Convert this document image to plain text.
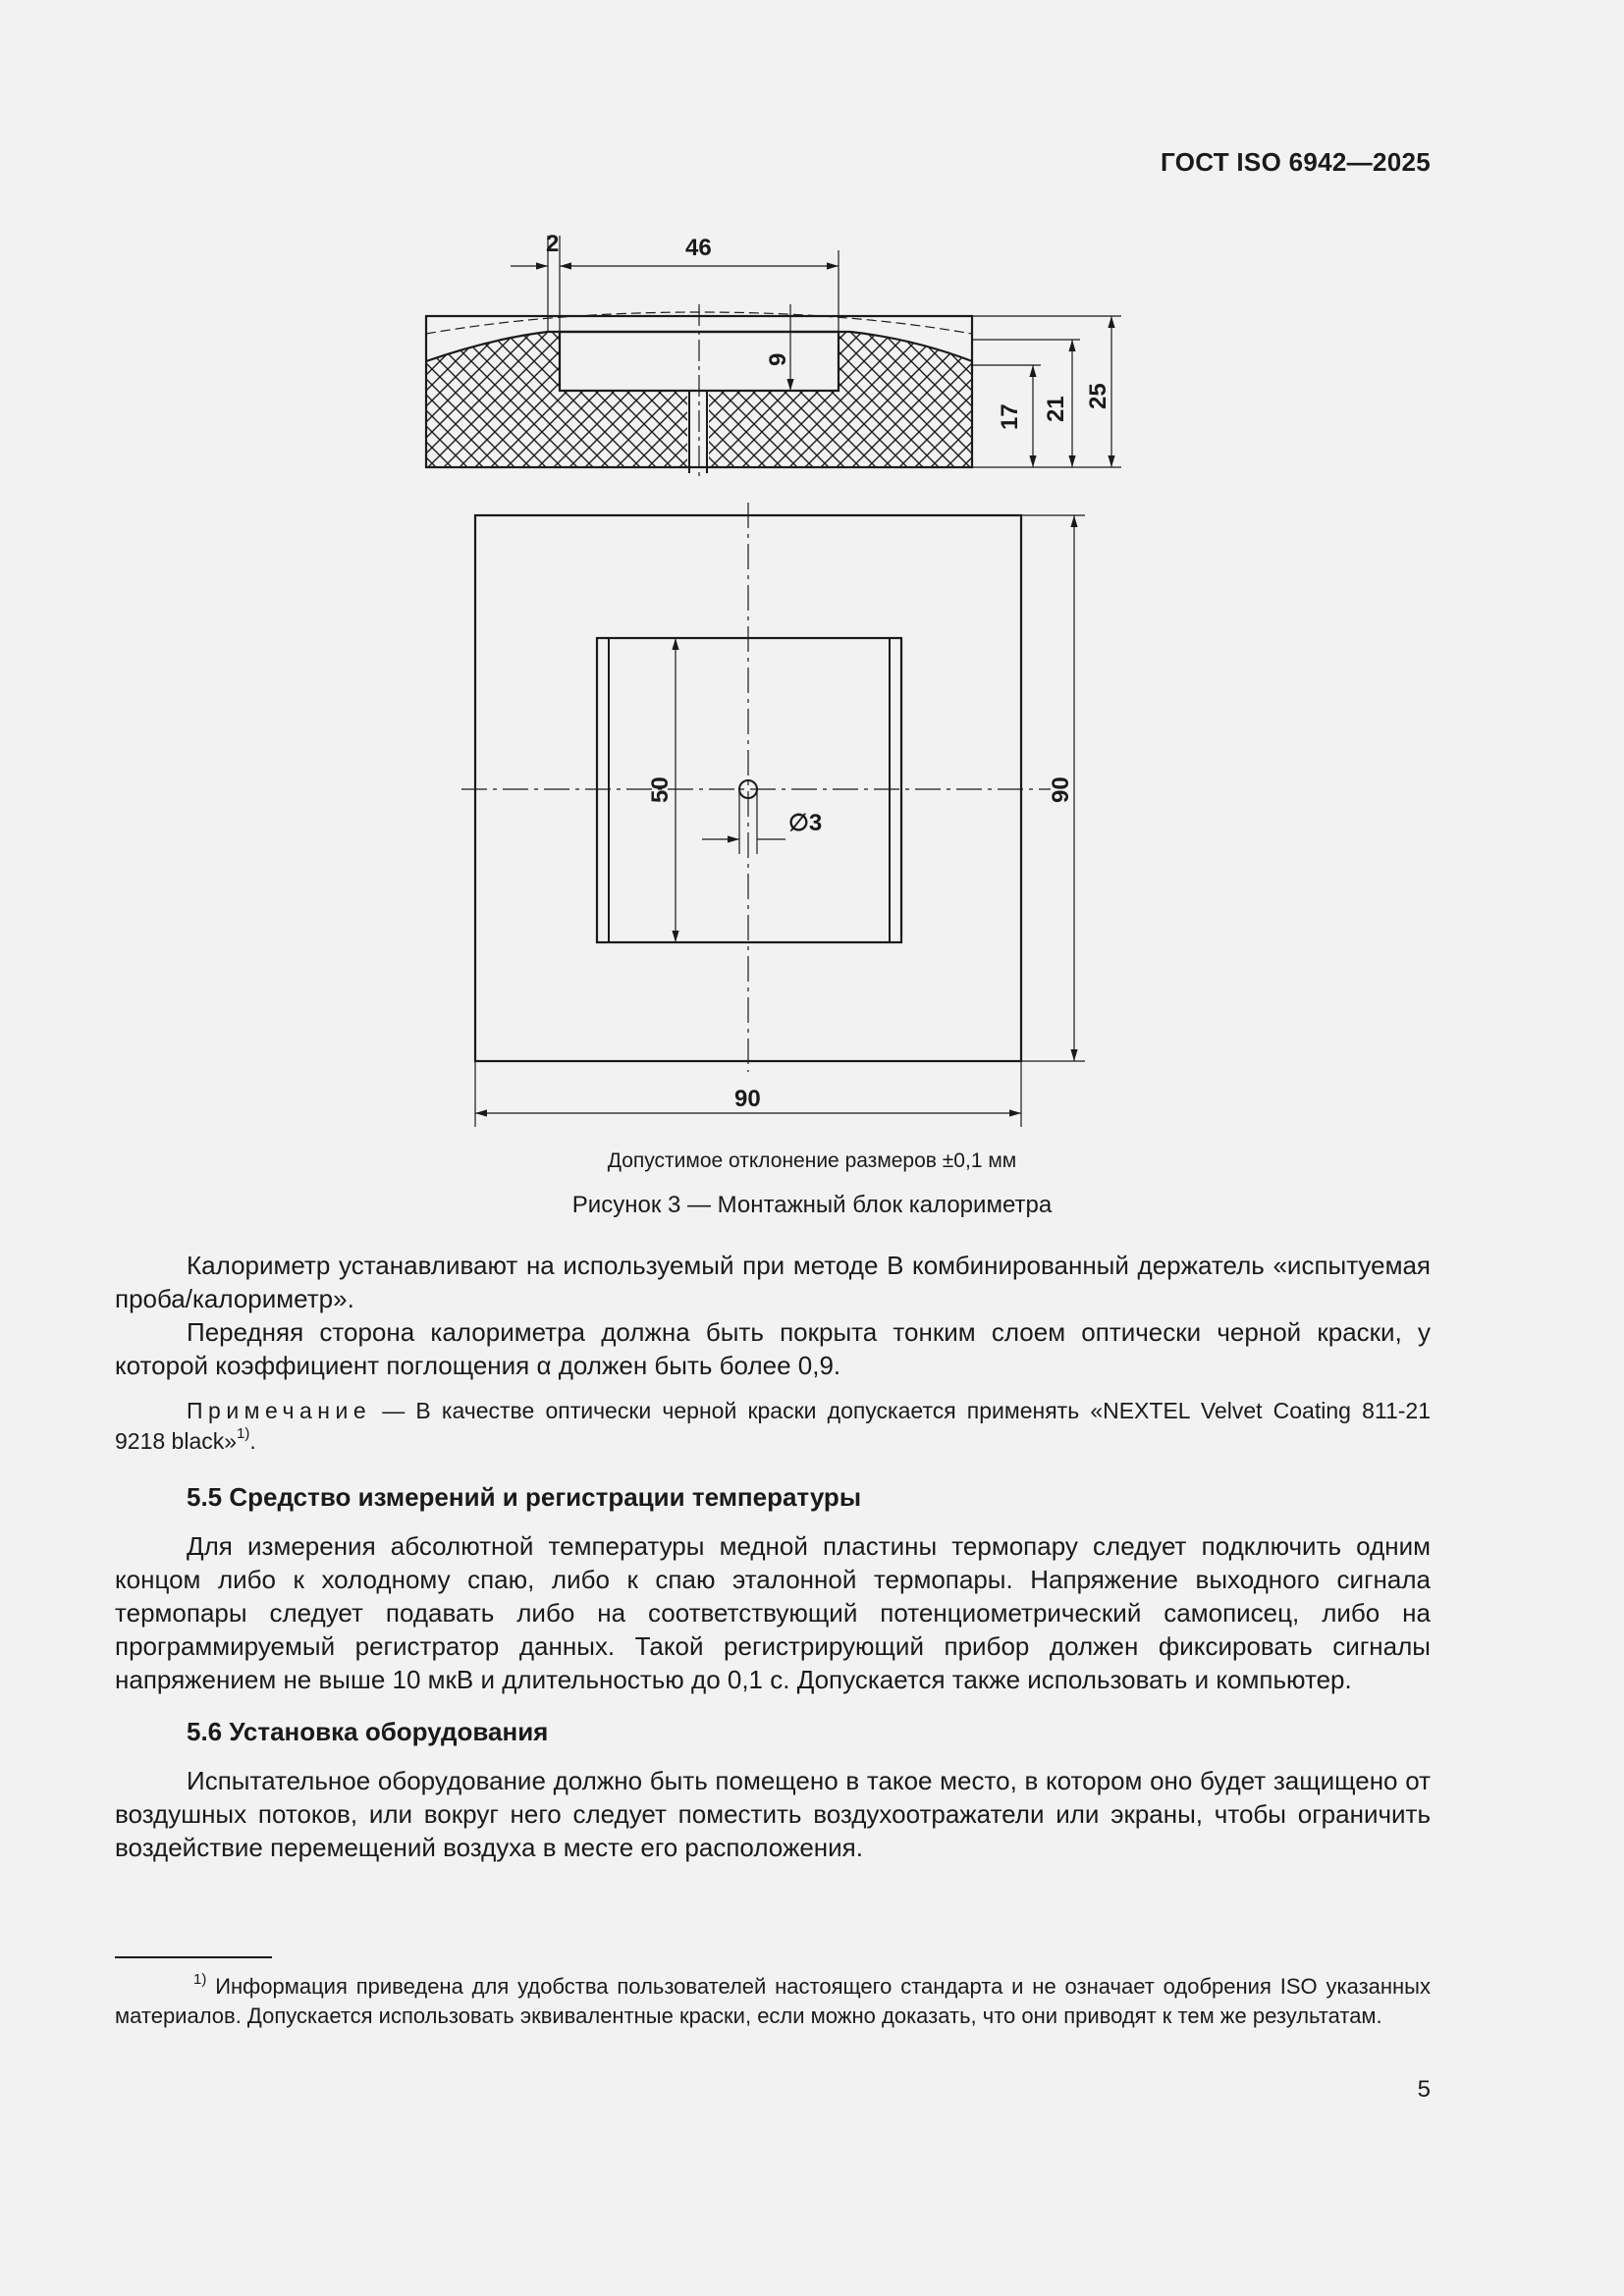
ГОСТ ISO 6942—2025
2	46
9
17 21 25
50
∅3
90
90
Допустимое отклонение размеров ±0,1 мм
Рисунок 3 — Монтажный блок калориметра

Калориметр устанавливают на используемый при методе В комбинированный держатель «испытуемая проба/калориметр».

Передняя сторона калориметра должна быть покрыта тонким слоем оптически черной краски, у которой коэффициент поглощения α должен быть более 0,9.

Примечание — В качестве оптически черной краски допускается применять «NEXTEL Velvet Coating 811-21 9218 black»$^{1)}$.
5.5 Средство измерений и регистрации температуры

Для измерения абсолютной температуры медной пластины термопару следует подключить одним концом либо к холодному спаю, либо к спаю эталонной термопары. Напряжение выходного сигнала термопары следует подавать либо на соответствующий потенциометрический самописец, либо на программируемый регистратор данных. Такой регистрирующий прибор должен фиксировать сигналы напряжением не выше 10 мкВ и длительностью до 0,1 с. Допускается также использовать и компьютер.

5.6 Установка оборудования

Испытательное оборудование должно быть помещено в такое место, в котором оно будет защищено от воздушных потоков, или вокруг него следует поместить воздухоотражатели или экраны, чтобы ограничить воздействие перемещений воздуха в месте его расположения.

$^{1)}$ Информация приведена для удобства пользователей настоящего стандарта и не означает одобрения ISO указанных материалов. Допускается использовать эквивалентные краски, если можно доказать, что они приводят к тем же результатам.
5
